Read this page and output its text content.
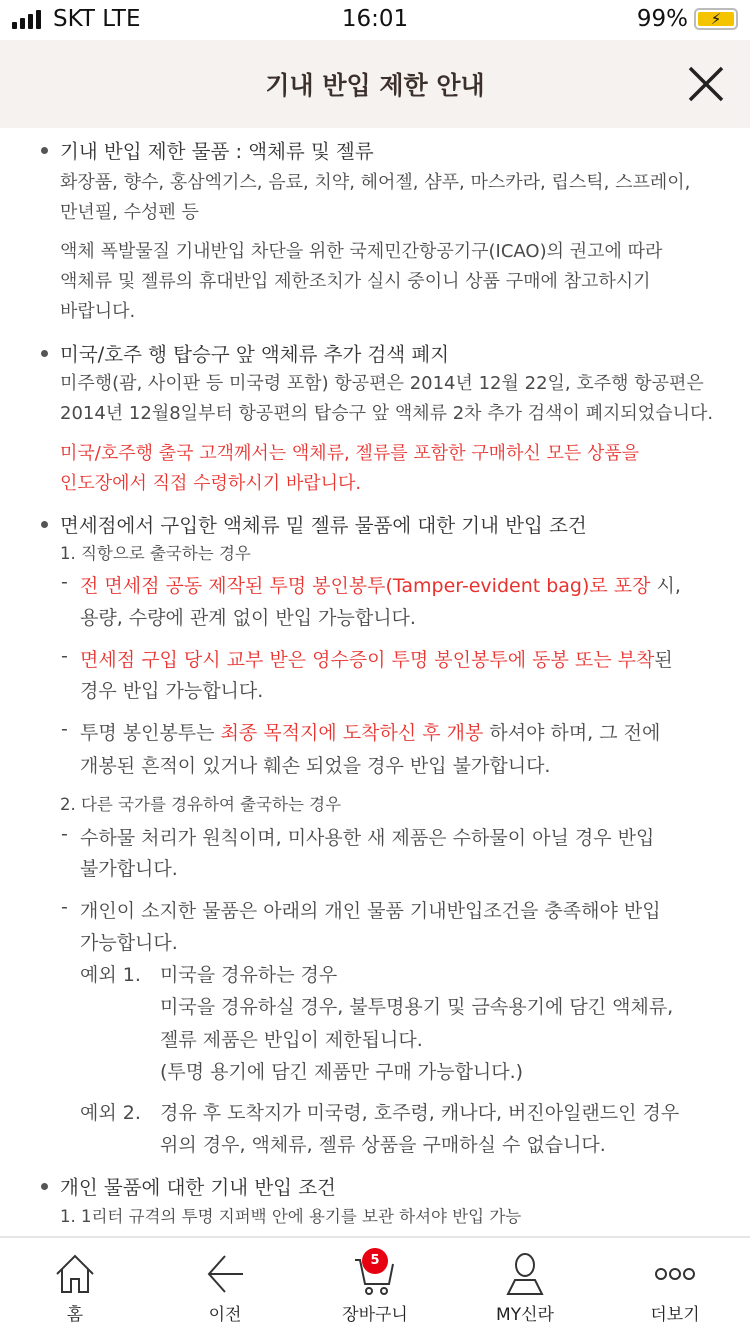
SKT LTE	16:01	99%	⚡
기내 반입 제한 안내
기내 반입 제한 물품 : 액체류 및 젤류
화장품, 향수, 홍삼엑기스, 음료, 치약, 헤어젤, 샴푸, 마스카라, 립스틱, 스프레이,
만년필, 수성펜 등
액체 폭발물질 기내반입 차단을 위한 국제민간항공기구(ICAO)의 권고에 따라
액체류 및 젤류의 휴대반입 제한조치가 실시 중이니 상품 구매에 참고하시기
바랍니다.
미국/호주 행 탑승구 앞 액체류 추가 검색 폐지
미주행(괌, 사이판 등 미국령 포함) 항공편은 2014년 12월 22일, 호주행 항공편은
2014년 12월8일부터 항공편의 탑승구 앞 액체류 2차 추가 검색이 폐지되었습니다.
미국/호주행 출국 고객께서는 액체류, 젤류를 포함한 구매하신 모든 상품을
인도장에서 직접 수령하시기 바랍니다.
면세점에서 구입한 액체류 밑 젤류 물품에 대한 기내 반입 조건
1. 직항으로 출국하는 경우
- 전 면세점 공동 제작된 투명 봉인봉투(Tamper-evident bag)로 포장 시,
용량, 수량에 관계 없이 반입 가능합니다.
- 면세점 구입 당시 교부 받은 영수증이 투명 봉인봉투에 동봉 또는 부착된
경우 반입 가능합니다.
- 투명 봉인봉투는 최종 목적지에 도착하신 후 개봉 하셔야 하며, 그 전에
개봉된 흔적이 있거나 훼손 되었을 경우 반입 불가합니다.
2. 다른 국가를 경유하여 출국하는 경우
- 수하물 처리가 원칙이며, 미사용한 새 제품은 수하물이 아닐 경우 반입
불가합니다.
- 개인이 소지한 물품은 아래의 개인 물품 기내반입조건을 충족해야 반입
가능합니다.
예외 1. 미국을 경유하는 경우
미국을 경유하실 경우, 불투명용기 및 금속용기에 담긴 액체류,
젤류 제품은 반입이 제한됩니다.
(투명 용기에 담긴 제품만 구매 가능합니다.)
예외 2. 경유 후 도착지가 미국령, 호주령, 캐나다, 버진아일랜드인 경우
위의 경우, 액체류, 젤류 상품을 구매하실 수 없습니다.
개인 물품에 대한 기내 반입 조건
1. 1리터 규격의 투명 지퍼백 안에 용기를 보관 하셔야 반입 가능
홈	이전
5
장바구니	MY신라	더보기
